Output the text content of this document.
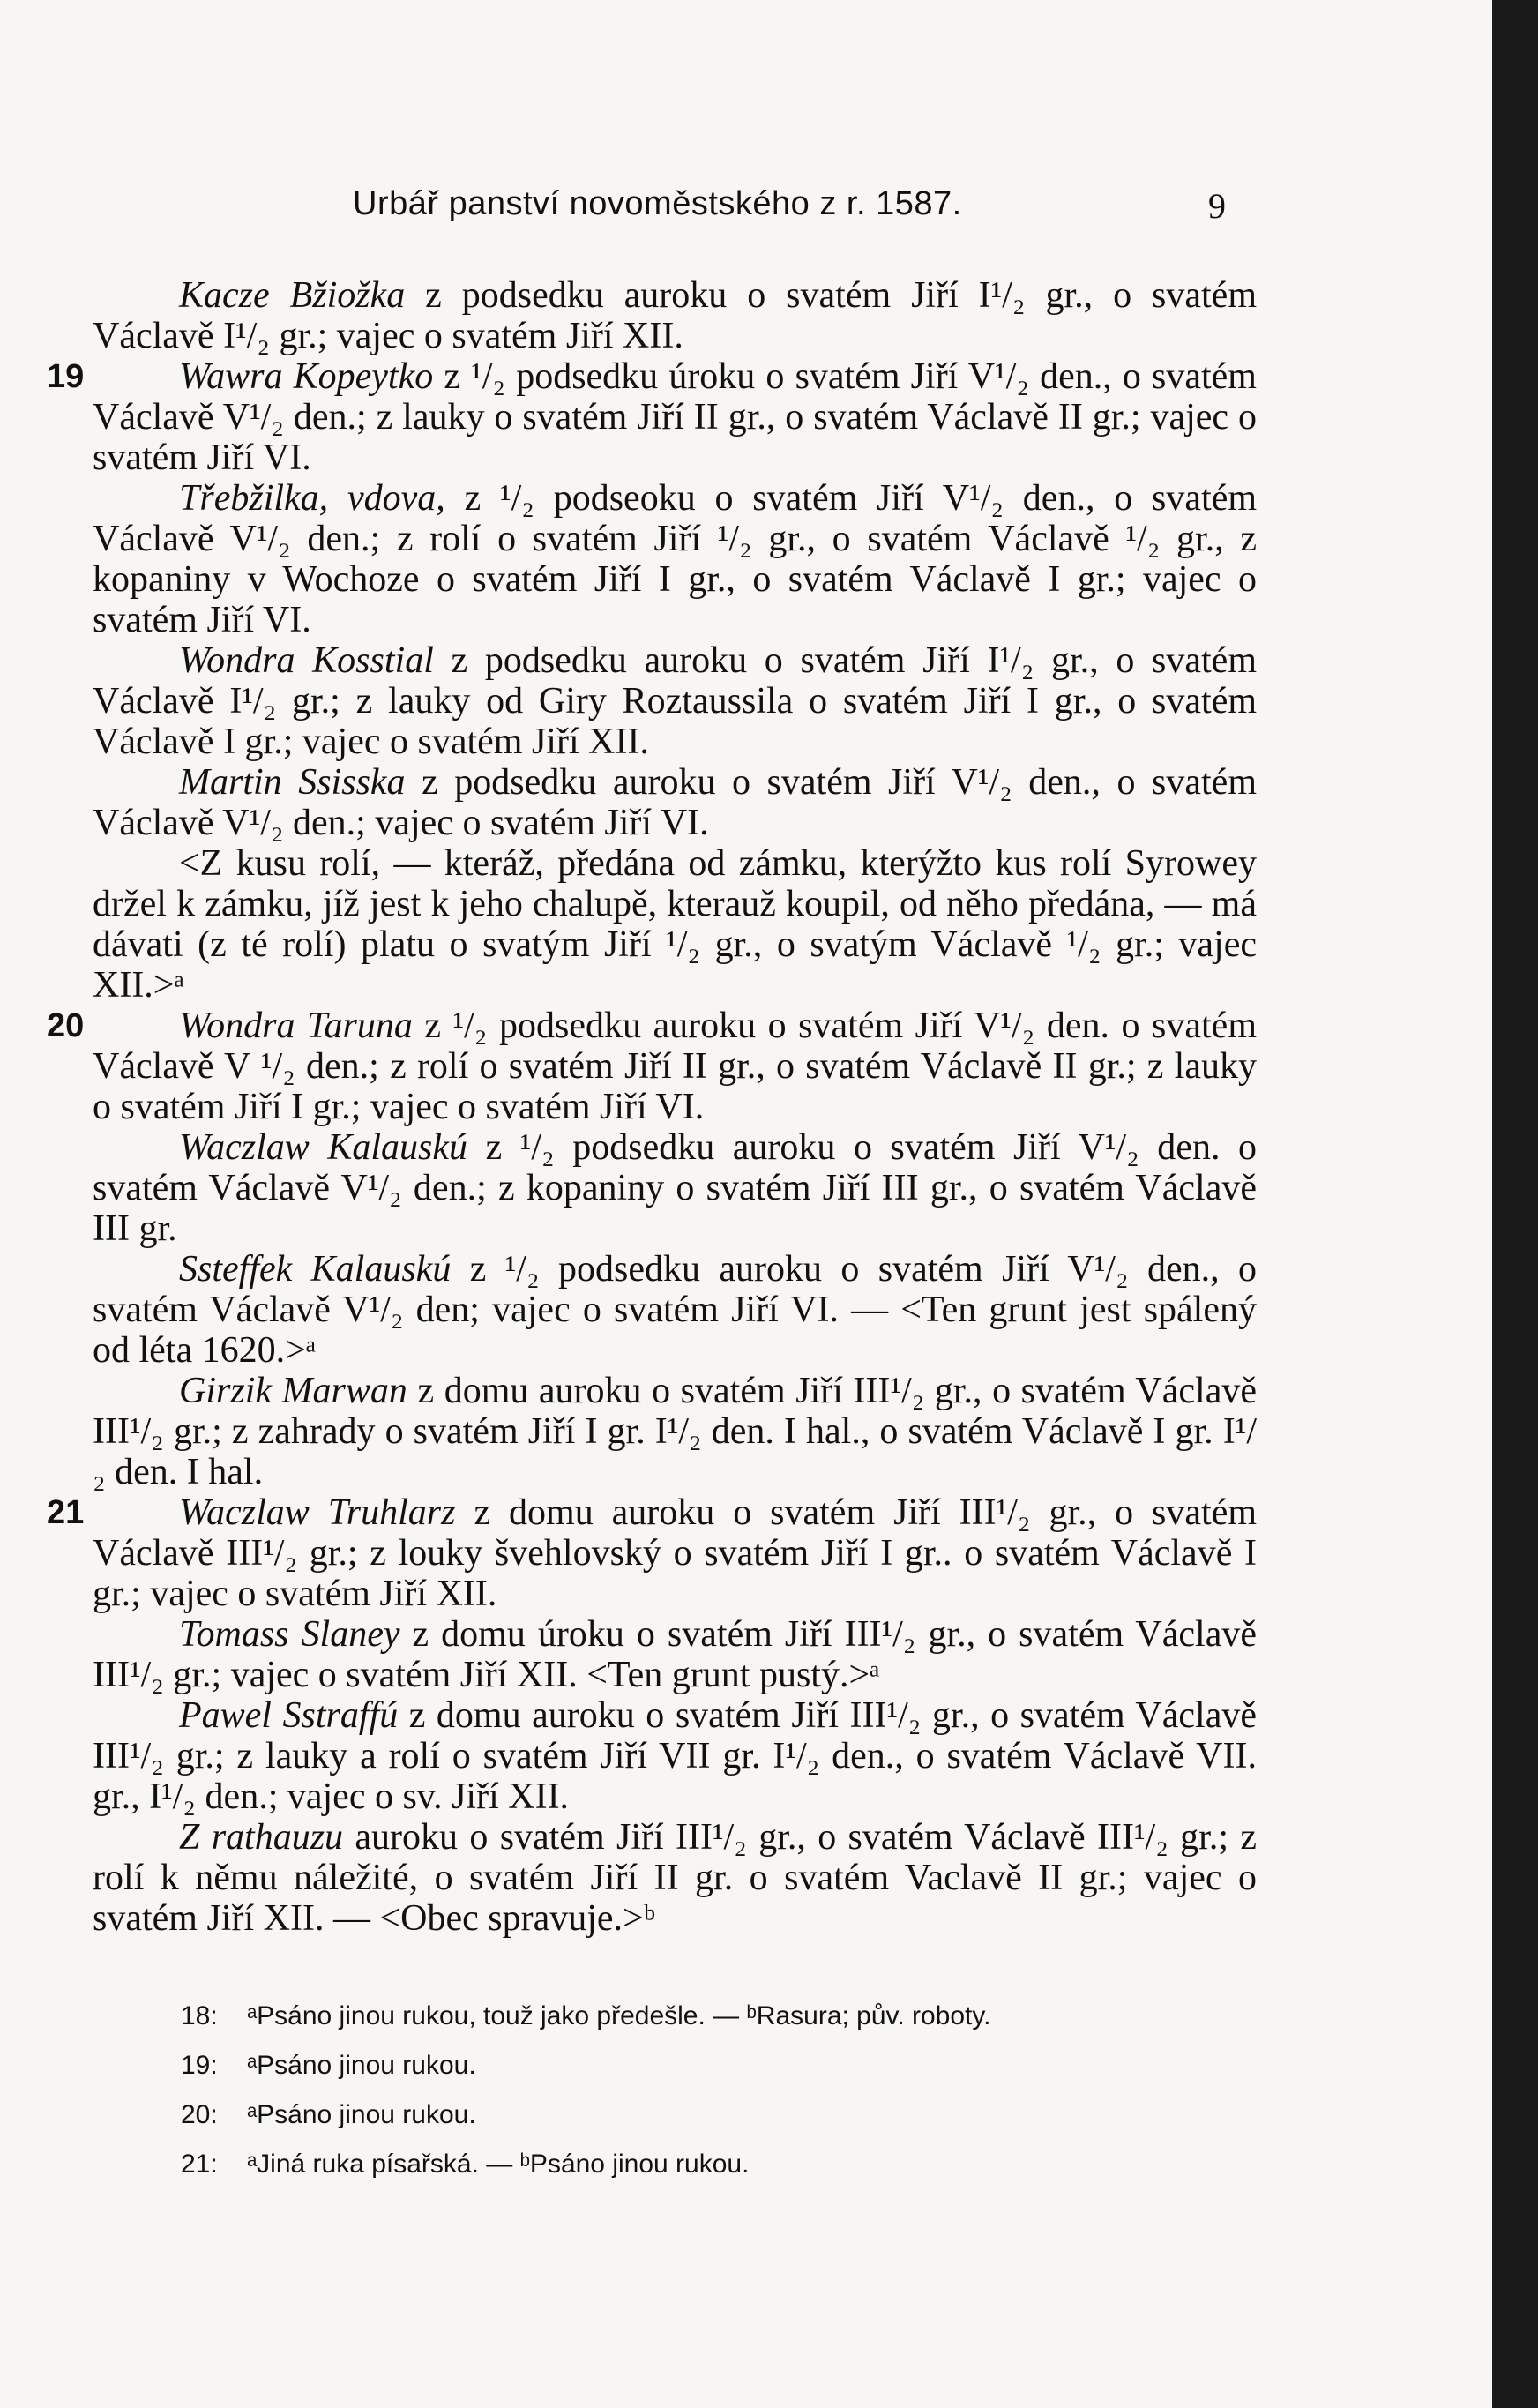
Urbář panství novoměstského z r. 1587.	9

Kacze Bžiožka z podsedku auroku o svatém Jiří I¹/₂ gr., o svatém Václavě I¹/₂ gr.; vajec o svatém Jiří XII.

19	Wawra Kopeytko z ¹/₂ podsedku úroku o svatém Jiří V¹/₂ den., o svatém Václavě V¹/₂ den.; z lauky o svatém Jiří II gr., o svatém Václavě II gr.; vajec o svatém Jiří VI.

Třebžilka, vdova, z ¹/₂ podseoku o svatém Jiří V¹/₂ den., o svatém Václavě V¹/₂ den.; z rolí o svatém Jiří ¹/₂ gr., o svatém Václavě ¹/₂ gr., z kopaniny v Wochoze o svatém Jiří I gr., o svatém Václavě I gr.; vajec o svatém Jiří VI.

Wondra Kosstial z podsedku auroku o svatém Jiří I¹/₂ gr., o svatém Václavě I¹/₂ gr.; z lauky od Giry Roztaussila o svatém Jiří I gr., o svatém Václavě I gr.; vajec o svatém Jiří XII.

Martin Ssisska z podsedku auroku o svatém Jiří V¹/₂ den., o svatém Václavě V¹/₂ den.; vajec o svatém Jiří VI.

<Z kusu rolí, — kteráž, předána od zámku, kterýžto kus rolí Syrowey držel k zámku, jíž jest k jeho chalupě, kterauž koupil, od něho předána, — má dávati (z té rolí) platu o svatým Jiří ¹/₂ gr., o svatým Václavě ¹/₂ gr.; vajec XII.>ᵃ

20	Wondra Taruna z ¹/₂ podsedku auroku o svatém Jiří V¹/₂ den. o svatém Václavě V ¹/₂ den.; z rolí o svatém Jiří II gr., o svatém Václavě II gr.; z lauky o svatém Jiří I gr.; vajec o svatém Jiří VI.

Waczlaw Kalauskú z ¹/₂ podsedku auroku o svatém Jiří V¹/₂ den. o svatém Václavě V¹/₂ den.; z kopaniny o svatém Jiří III gr., o svatém Václavě III gr.

Ssteffek Kalauskú z ¹/₂ podsedku auroku o svatém Jiří V¹/₂ den., o svatém Václavě V¹/₂ den; vajec o svatém Jiří VI. — <Ten grunt jest spálený od léta 1620.>ᵃ

Girzik Marwan z domu auroku o svatém Jiří III¹/₂ gr., o svatém Václavě III¹/₂ gr.; z zahrady o svatém Jiří I gr. I¹/₂ den. I hal., o svatém Václavě I gr. I¹/₂ den. I hal.

21	Waczlaw Truhlarz z domu auroku o svatém Jiří III¹/₂ gr., o svatém Václavě III¹/₂ gr.; z louky švehlovský o svatém Jiří I gr.. o svatém Václavě I gr.; vajec o svatém Jiří XII.

Tomass Slaney z domu úroku o svatém Jiří III¹/₂ gr., o svatém Václavě III¹/₂ gr.; vajec o svatém Jiří XII. <Ten grunt pustý.>ᵃ

Pawel Sstraffú z domu auroku o svatém Jiří III¹/₂ gr., o svatém Václavě III¹/₂ gr.; z lauky a rolí o svatém Jiří VII gr. I¹/₂ den., o svatém Václavě VII. gr., I¹/₂ den.; vajec o sv. Jiří XII.

Z rathauzu auroku o svatém Jiří III¹/₂ gr., o svatém Václavě III¹/₂ gr.; z rolí k němu náležité, o svatém Jiří II gr. o svatém Vaclavě II gr.; vajec o svatém Jiří XII. — <Obec spravuje.>ᵇ

18: ᵃPsáno jinou rukou, touž jako předešle. — ᵇRasura; pův. roboty.
19: ᵃPsáno jinou rukou.
20: ᵃPsáno jinou rukou.
21: ᵃJiná ruka písařská. — ᵇPsáno jinou rukou.
